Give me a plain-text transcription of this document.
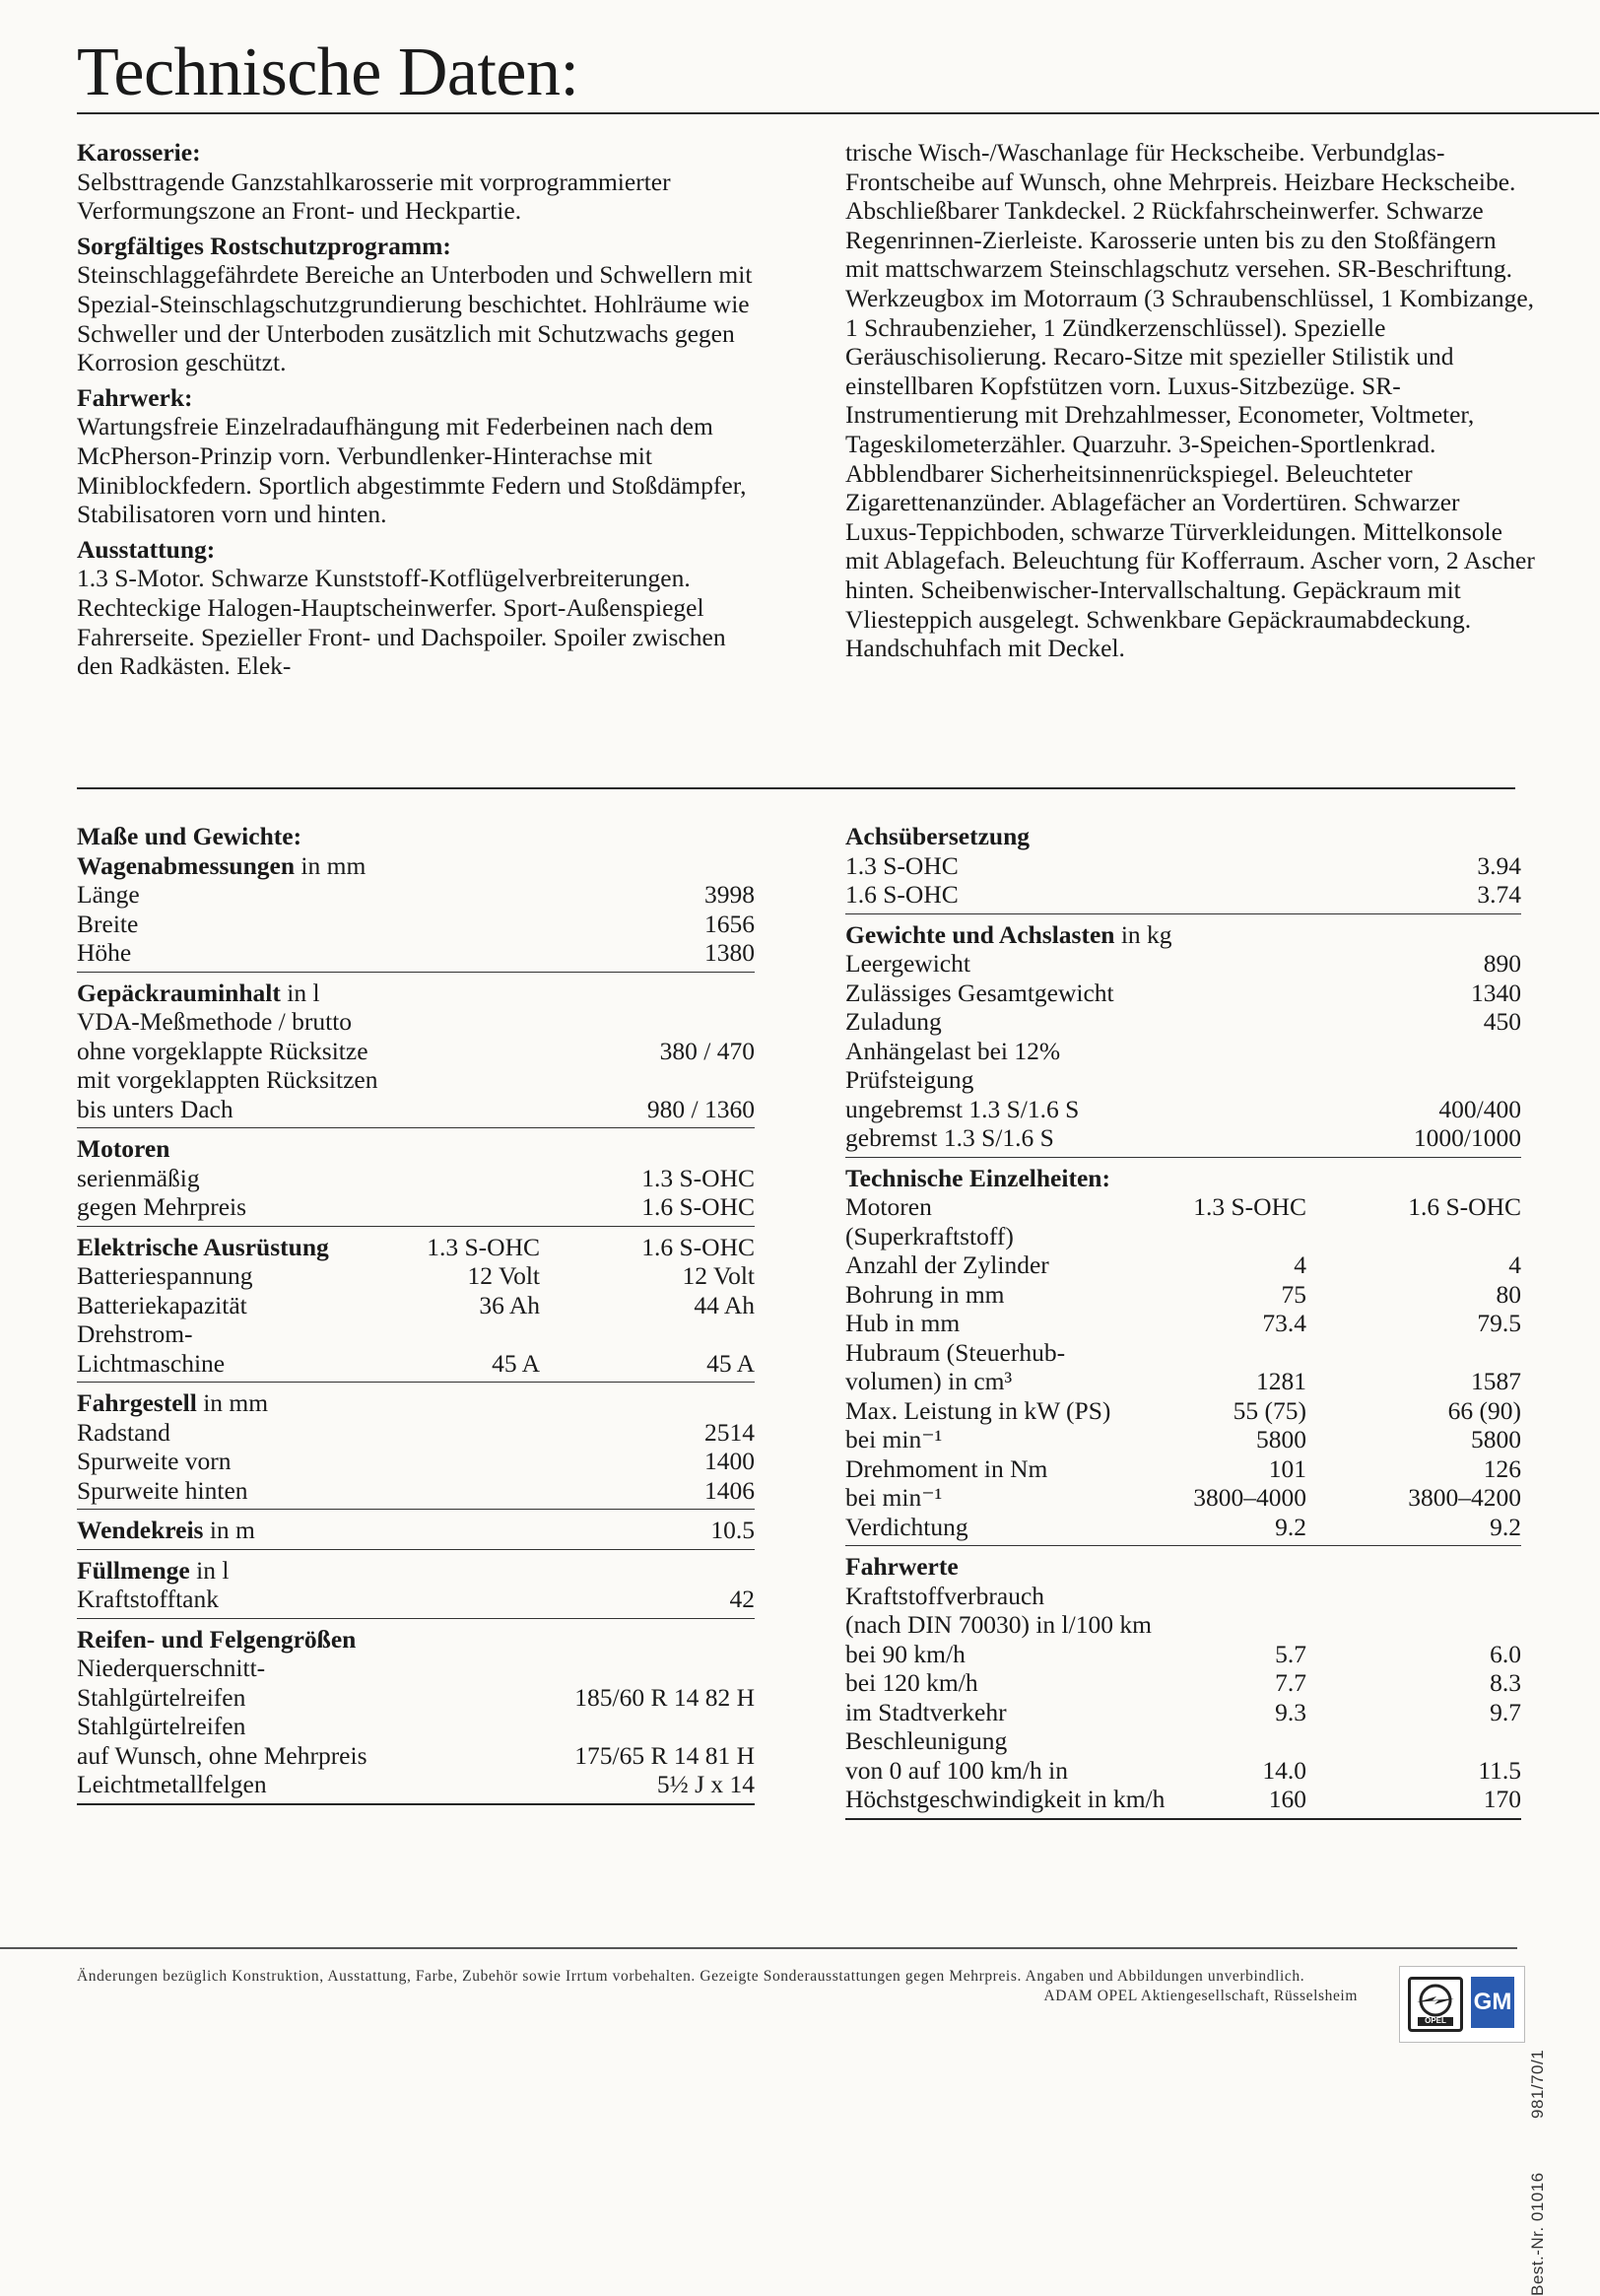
Technische Daten:

Karosserie:

Selbsttragende Ganzstahlkarosserie mit vorprogrammierter Verformungszone an Front- und Heckpartie.

Sorgfältiges Rostschutzprogramm:

Steinschlaggefährdete Bereiche an Unterboden und Schwellern mit Spezial-Steinschlagschutzgrundierung beschichtet. Hohlräume wie Schweller und der Unterboden zusätzlich mit Schutzwachs gegen Korrosion geschützt.

Fahrwerk:

Wartungsfreie Einzelradaufhängung mit Federbeinen nach dem McPherson-Prinzip vorn. Verbundlenker-Hinterachse mit Miniblockfedern. Sportlich abgestimmte Federn und Stoßdämpfer, Stabilisatoren vorn und hinten.

Ausstattung:

1.3 S-Motor. Schwarze Kunststoff-Kotflügelverbreiterungen. Rechteckige Halogen-Hauptscheinwerfer. Sport-Außenspiegel Fahrerseite. Spezieller Front- und Dachspoiler. Spoiler zwischen den Radkästen. Elek-

trische Wisch-/Waschanlage für Heckscheibe. Verbundglas-Frontscheibe auf Wunsch, ohne Mehrpreis. Heizbare Heckscheibe. Abschließbarer Tankdeckel. 2 Rückfahrscheinwerfer. Schwarze Regenrinnen-Zierleiste. Karosserie unten bis zu den Stoßfängern mit mattschwarzem Steinschlagschutz versehen. SR-Beschriftung. Werkzeugbox im Motorraum (3 Schraubenschlüssel, 1 Kombizange, 1 Schraubenzieher, 1 Zündkerzenschlüssel). Spezielle Geräuschisolierung. Recaro-Sitze mit spezieller Stilistik und einstellbaren Kopfstützen vorn. Luxus-Sitzbezüge. SR-Instrumentierung mit Drehzahlmesser, Econometer, Voltmeter, Tageskilometerzähler. Quarzuhr. 3-Speichen-Sportlenkrad. Abblendbarer Sicherheitsinnenrückspiegel. Beleuchteter Zigarettenanzünder. Ablagefächer an Vordertüren. Schwarzer Luxus-Teppichboden, schwarze Türverkleidungen. Mittelkonsole mit Ablagefach. Beleuchtung für Kofferraum. Ascher vorn, 2 Ascher hinten. Scheibenwischer-Intervallschaltung. Gepäckraum mit Vliesteppich ausgelegt. Schwenkbare Gepäckraumabdeckung. Handschuhfach mit Deckel.

Maße und Gewichte:
Wagenabmessungen in mm
Länge	3998
Breite	1656
Höhe	1380
Gepäckrauminhalt in l
VDA-Meßmethode / brutto
ohne vorgeklappte Rücksitze	380 / 470
mit vorgeklappten Rücksitzen
bis unters Dach	980 / 1360
Motoren
serienmäßig	1.3 S-OHC
gegen Mehrpreis	1.6 S-OHC
Elektrische Ausrüstung	1.3 S-OHC	1.6 S-OHC
Batteriespannung	12 Volt	12 Volt
Batteriekapazität	36 Ah	44 Ah
Drehstrom-
Lichtmaschine	45 A	45 A
Fahrgestell in mm
Radstand	2514
Spurweite vorn	1400
Spurweite hinten	1406
Wendekreis in m	10.5
Füllmenge in l
Kraftstofftank	42
Reifen- und Felgengrößen
Niederquerschnitt-
Stahlgürtelreifen	185/60 R 14 82 H
Stahlgürtelreifen
auf Wunsch, ohne Mehrpreis	175/65 R 14 81 H
Leichtmetallfelgen	5½ J x 14
Achsübersetzung
1.3 S-OHC	3.94
1.6 S-OHC	3.74
Gewichte und Achslasten in kg
Leergewicht	890
Zulässiges Gesamtgewicht	1340
Zuladung	450
Anhängelast bei 12%
Prüfsteigung
ungebremst 1.3 S/1.6 S	400/400
gebremst 1.3 S/1.6 S	1000/1000
Technische Einzelheiten:
Motoren	1.3 S-OHC	1.6 S-OHC
(Superkraftstoff)
Anzahl der Zylinder	4	4
Bohrung in mm	75	80
Hub in mm	73.4	79.5
Hubraum (Steuerhub-
volumen) in cm³	1281	1587
Max. Leistung in kW (PS)	55 (75)	66 (90)
bei min⁻¹	5800	5800
Drehmoment in Nm	101	126
bei min⁻¹	3800–4000	3800–4200
Verdichtung	9.2	9.2
Fahrwerte
Kraftstoffverbrauch
(nach DIN 70030) in l/100 km
bei 90 km/h	5.7	6.0
bei 120 km/h	7.7	8.3
im Stadtverkehr	9.3	9.7
Beschleunigung
von 0 auf 100 km/h in	14.0	11.5
Höchstgeschwindigkeit in km/h	160	170
Änderungen bezüglich Konstruktion, Ausstattung, Farbe, Zubehör sowie Irrtum vorbehalten. Gezeigte Sonderausstattungen gegen Mehrpreis. Angaben und Abbildungen unverbindlich.
ADAM OPEL Aktiengesellschaft, Rüsselsheim
OPEL
GM
Best.-Nr. 01016
981/70/1
